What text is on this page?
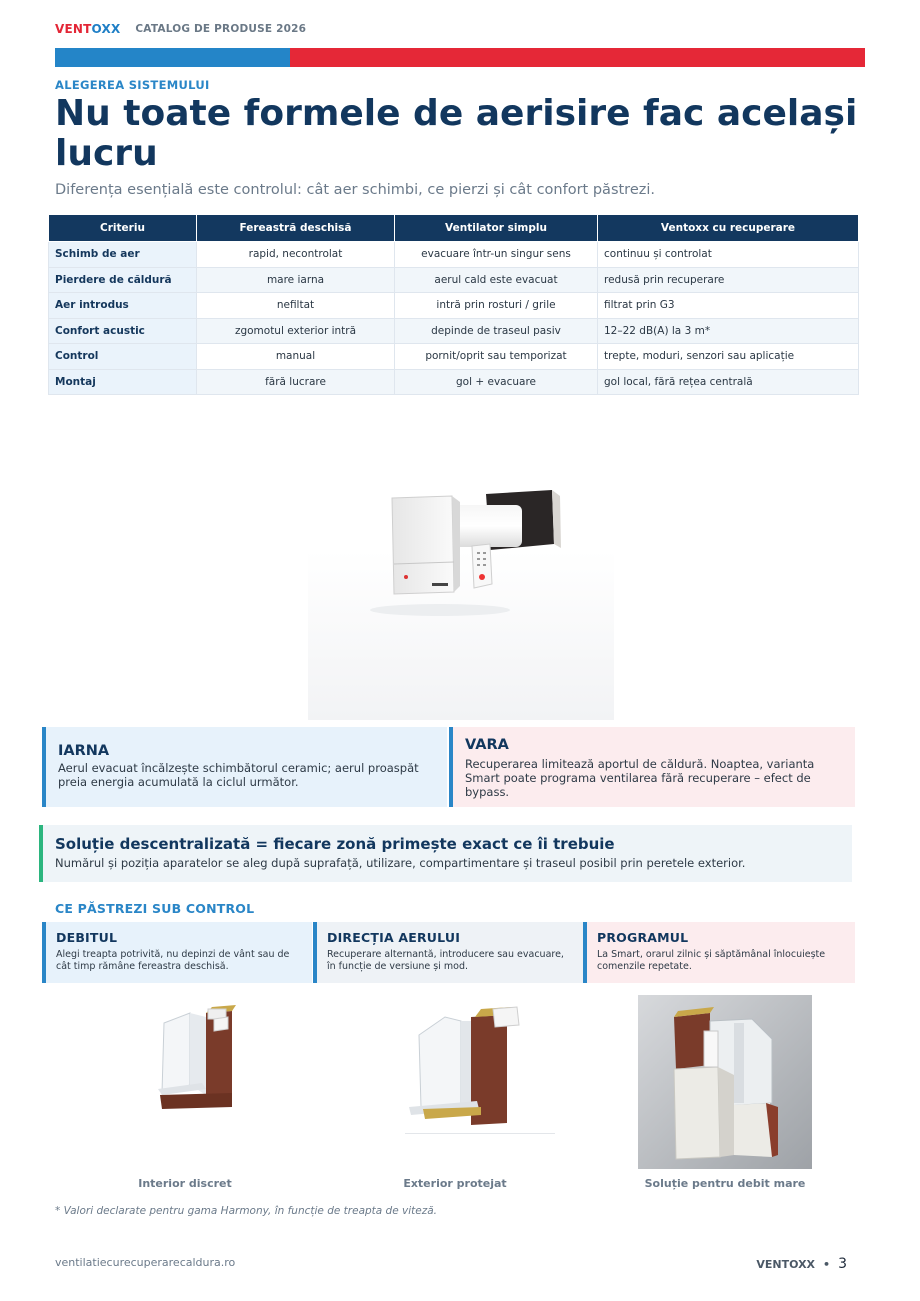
VENTOXX CATALOG DE PRODUSE 2026
ALEGEREA SISTEMULUI
Nu toate formele de aerisire fac același lucru
Diferența esențială este controlul: cât aer schimbi, ce pierzi și cât confort păstrezi.
Criteriu	Fereastră deschisă	Ventilator simplu	Ventoxx cu recuperare
Schimb de aer	rapid, necontrolat	evacuare într-un singur sens	continuu și controlat
Pierdere de căldură	mare iarna	aerul cald este evacuat	redusă prin recuperare
Aer introdus	nefiltat	intră prin rosturi / grile	filtrat prin G3
Confort acustic	zgomotul exterior intră	depinde de traseul pasiv	12–22 dB(A) la 3 m*
Control	manual	pornit/oprit sau temporizat	trepte, moduri, senzori sau aplicație
Montaj	fără lucrare	gol + evacuare	gol local, fără rețea centrală
IARNA

Aerul evacuat încălzește schimbătorul ceramic; aerul proaspăt preia energia acumulată la ciclul următor.

VARA

Recuperarea limitează aportul de căldură. Noaptea, varianta Smart poate programa ventilarea fără recuperare – efect de bypass.

Soluție descentralizată = fiecare zonă primește exact ce îi trebuie

Numărul și poziția aparatelor se aleg după suprafață, utilizare, compartimentare și traseul posibil prin peretele exterior.

CE PĂSTREZI SUB CONTROL
DEBITUL

Alegi treapta potrivită, nu depinzi de vânt sau de cât timp rămâne fereastra deschisă.

DIRECȚIA AERULUI

Recuperare alternantă, introducere sau evacuare, în funcție de versiune și mod.

PROGRAMUL

La Smart, orarul zilnic și săptămânal înlocuiește comenzile repetate.

Interior discret	Exterior protejat	Soluție pentru debit mare
* Valori declarate pentru gama Harmony, în funcție de treapta de viteză.
ventilatiecurecuperarecaldura.ro	VENTOXX • 3
